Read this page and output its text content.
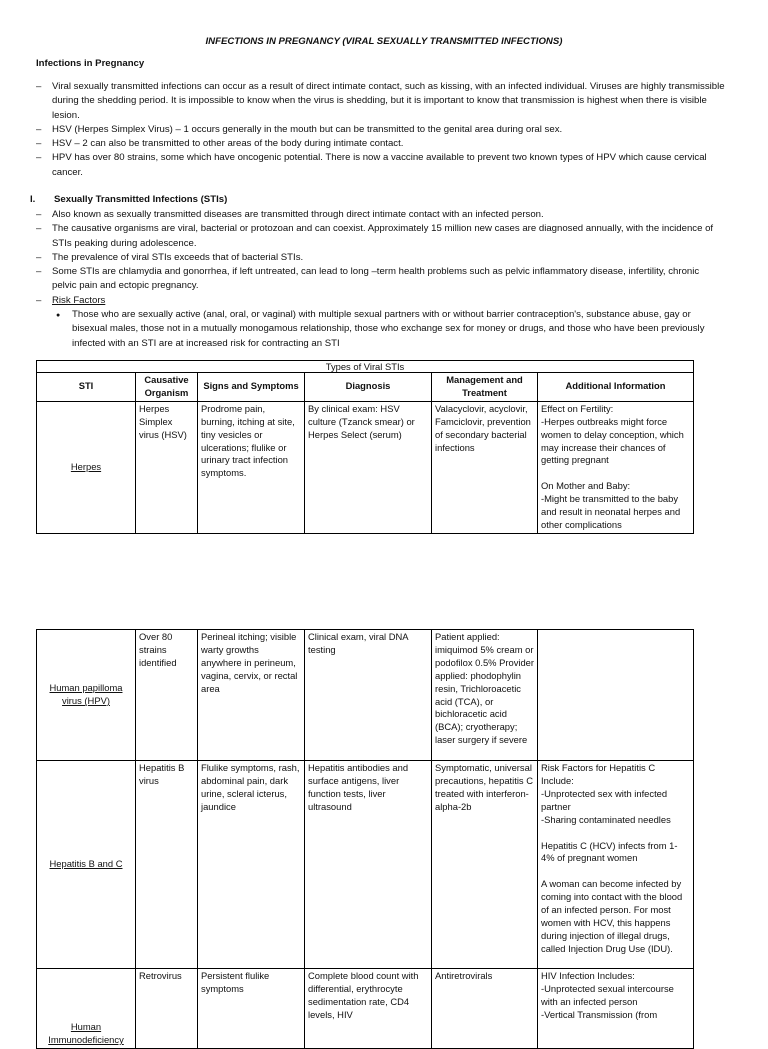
INFECTIONS IN PREGNANCY (VIRAL SEXUALLY TRANSMITTED INFECTIONS)
Infections in Pregnancy
– Viral sexually transmitted infections can occur as a result of direct intimate contact, such as kissing, with an infected individual. Viruses are highly transmissible during the shedding period. It is impossible to know when the virus is shedding, but it is important to know that transmission is highest when there is visible lesion.
– HSV (Herpes Simplex Virus) – 1 occurs generally in the mouth but can be transmitted to the genital area during oral sex.
– HSV – 2 can also be transmitted to other areas of the body during intimate contact.
– HPV has over 80 strains, some which have oncogenic potential. There is now a vaccine available to prevent two known types of HPV which cause cervical cancer.
I. Sexually Transmitted Infections (STIs)
– Also known as sexually transmitted diseases are transmitted through direct intimate contact with an infected person.
– The causative organisms are viral, bacterial or protozoan and can coexist. Approximately 15 million new cases are diagnosed annually, with the incidence of STIs peaking during adolescence.
– The prevalence of viral STIs exceeds that of bacterial STIs.
– Some STIs are chlamydia and gonorrhea, if left untreated, can lead to long –term health problems such as pelvic inflammatory disease, infertility, chronic pelvic pain and ectopic pregnancy.
– Risk Factors
● Those who are sexually active (anal, oral, or vaginal) with multiple sexual partners with or without barrier contraception's, substance abuse, gay or bisexual males, those not in a mutually monogamous relationship, those who exchange sex for money or drugs, and those who have been previously infected with an STI are at increased risk for contracting an STI
Types of Viral STIs					
STI	Causative Organism	Signs and Symptoms	Diagnosis	Management and Treatment	Additional Information
Herpes	Herpes Simplex virus (HSV)	Prodrome pain, burning, itching at site, tiny vesicles or ulcerations; flulike or urinary tract infection symptoms.	By clinical exam: HSV culture (Tzanck smear) or Herpes Select (serum)	Valacyclovir, acyclovir, Famciclovir, prevention of secondary bacterial infections	Effect on Fertility:
-Herpes outbreaks might force women to delay conception, which may increase their chances of getting pregnant
On Mother and Baby:
-Might be transmitted to the baby and result in neonatal herpes and other complications
Human papilloma virus (HPV)	Over 80 strains identified	Perineal itching; visible warty growths anywhere in perineum, vagina, cervix, or rectal area	Clinical exam, viral DNA testing	Patient applied: imiquimod 5% cream or podofilox 0.5% Provider applied: phodophylin resin, Trichloroacetic acid (TCA), or bichloracetic acid (BCA); cryotherapy; laser surgery if severe	
Hepatitis B and C	Hepatitis B virus	Flulike symptoms, rash, abdominal pain, dark urine, scleral icterus, jaundice	Hepatitis antibodies and surface antigens, liver function tests, liver ultrasound	Symptomatic, universal precautions, hepatitis C treated with interferon- alpha-2b	Risk Factors for Hepatitis C Include:
-Unprotected sex with infected partner
-Sharing contaminated needles
Hepatitis C (HCV) infects from 1-4% of pregnant women
A woman can become infected by coming into contact with the blood of an infected person. For most women with HCV, this happens during injection of illegal drugs, called Injection Drug Use (IDU).

Human Immunodeficiency	Retrovirus	Persistent flulike symptoms	Complete blood count with differential, erythrocyte sedimentation rate, CD4 levels, HIV	Antiretrovirals	HIV Infection Includes:
-Unprotected sexual intercourse with an infected person
-Vertical Transmission (from
